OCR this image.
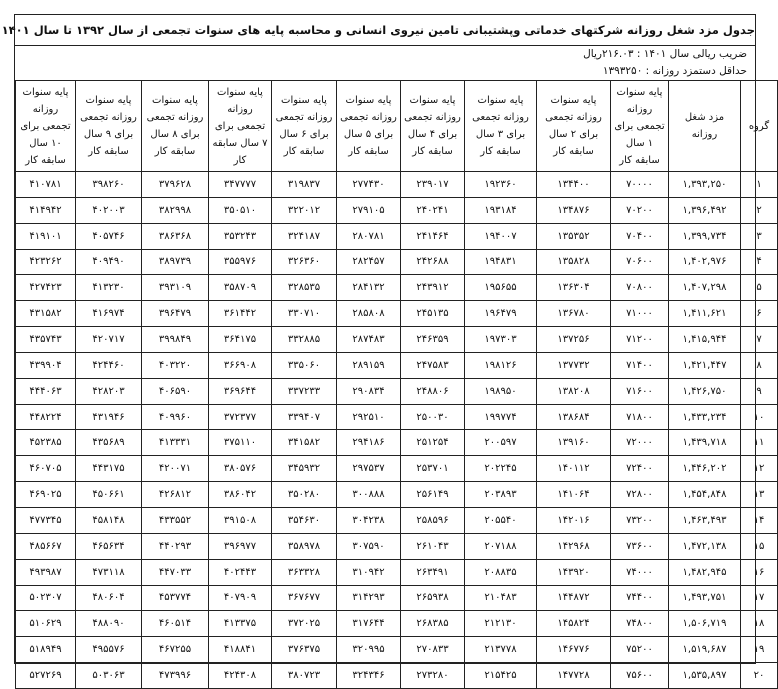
جدول مزد شغل روزانه شرکتهای خدماتی وپشتیبانی تامین نیروی انسانی و محاسبه پایه های سنوات تجمعی از سال ۱۳۹۲ تا سال ۱۴۰۱
ضریب ریالی سال ۱۴۰۱ : ۲۱۶.۰۳ریال
حداقل دستمزد روزانه : ۱۳۹۳۲۵۰
پایه سنوات روزانه تجمعی برای ۱۰ سال سابقه کار	پایه سنوات روزانه تجمعی برای ۹ سال سابقه کار	پایه سنوات روزانه تجمعی برای ۸ سال سابقه کار	پایه سنوات روزانه تجمعی برای ۷ سال سابقه کار	پایه سنوات روزانه تجمعی برای ۶ سال سابقه کار	پایه سنوات روزانه تجمعی برای ۵ سال سابقه کار	پایه سنوات روزانه تجمعی برای ۴ سال سابقه کار	پایه سنوات روزانه تجمعی برای ۳ سال سابقه کار	پایه سنوات روزانه تجمعی برای ۲ سال سابقه کار	پایه سنوات روزانه تجمعی برای ۱ سال سابقه کار	مزد شغل روزانه	گروه
۴۱۰۷۸۱	۳۹۸۲۶۰	۳۷۹۶۲۸	۳۴۷۷۷۷	۳۱۹۸۳۷	۲۷۷۴۳۰	۲۳۹۰۱۷	۱۹۲۳۶۰	۱۳۴۴۰۰	۷۰۰۰۰	۱,۳۹۳,۲۵۰	۱
۴۱۴۹۴۲	۴۰۲۰۰۳	۳۸۲۹۹۸	۳۵۰۵۱۰	۳۲۲۰۱۲	۲۷۹۱۰۵	۲۴۰۲۴۱	۱۹۳۱۸۴	۱۳۴۸۷۶	۷۰۲۰۰	۱,۳۹۶,۴۹۲	۲
۴۱۹۱۰۱	۴۰۵۷۴۶	۳۸۶۳۶۸	۳۵۳۲۴۳	۳۲۴۱۸۷	۲۸۰۷۸۱	۲۴۱۴۶۴	۱۹۴۰۰۷	۱۳۵۳۵۲	۷۰۴۰۰	۱,۳۹۹,۷۳۴	۳
۴۲۳۲۶۲	۴۰۹۴۹۰	۳۸۹۷۳۹	۳۵۵۹۷۶	۳۲۶۳۶۰	۲۸۲۴۵۷	۲۴۲۶۸۸	۱۹۴۸۳۱	۱۳۵۸۲۸	۷۰۶۰۰	۱,۴۰۲,۹۷۶	۴
۴۲۷۴۲۳	۴۱۳۲۳۰	۳۹۳۱۰۹	۳۵۸۷۰۹	۳۲۸۵۳۵	۲۸۴۱۳۲	۲۴۳۹۱۲	۱۹۵۶۵۵	۱۳۶۳۰۴	۷۰۸۰۰	۱,۴۰۷,۲۹۸	۵
۴۳۱۵۸۲	۴۱۶۹۷۴	۳۹۶۴۷۹	۳۶۱۴۴۲	۳۳۰۷۱۰	۲۸۵۸۰۸	۲۴۵۱۳۵	۱۹۶۴۷۹	۱۳۶۷۸۰	۷۱۰۰۰	۱,۴۱۱,۶۲۱	۶
۴۳۵۷۴۳	۴۲۰۷۱۷	۳۹۹۸۴۹	۳۶۴۱۷۵	۳۳۲۸۸۵	۲۸۷۴۸۳	۲۴۶۳۵۹	۱۹۷۳۰۳	۱۳۷۲۵۶	۷۱۲۰۰	۱,۴۱۵,۹۴۴	۷
۴۳۹۹۰۴	۴۲۴۴۶۰	۴۰۳۲۲۰	۳۶۶۹۰۸	۳۳۵۰۶۰	۲۸۹۱۵۹	۲۴۷۵۸۳	۱۹۸۱۲۶	۱۳۷۷۳۲	۷۱۴۰۰	۱,۴۲۱,۴۴۷	۸
۴۴۴۰۶۳	۴۲۸۲۰۳	۴۰۶۵۹۰	۳۶۹۶۴۴	۳۳۷۲۳۳	۲۹۰۸۳۴	۲۴۸۸۰۶	۱۹۸۹۵۰	۱۳۸۲۰۸	۷۱۶۰۰	۱,۴۲۶,۷۵۰	۹
۴۴۸۲۲۴	۴۳۱۹۴۶	۴۰۹۹۶۰	۳۷۲۳۷۷	۳۳۹۴۰۷	۲۹۲۵۱۰	۲۵۰۰۳۰	۱۹۹۷۷۴	۱۳۸۶۸۴	۷۱۸۰۰	۱,۴۳۳,۲۳۴	۱۰
۴۵۲۳۸۵	۴۳۵۶۸۹	۴۱۳۳۳۱	۳۷۵۱۱۰	۳۴۱۵۸۲	۲۹۴۱۸۶	۲۵۱۲۵۴	۲۰۰۵۹۷	۱۳۹۱۶۰	۷۲۰۰۰	۱,۴۳۹,۷۱۸	۱۱
۴۶۰۷۰۵	۴۴۳۱۷۵	۴۲۰۰۷۱	۳۸۰۵۷۶	۳۴۵۹۳۲	۲۹۷۵۳۷	۲۵۳۷۰۱	۲۰۲۲۴۵	۱۴۰۱۱۲	۷۲۴۰۰	۱,۴۴۶,۲۰۲	۱۲
۴۶۹۰۲۵	۴۵۰۶۶۱	۴۲۶۸۱۲	۳۸۶۰۴۲	۳۵۰۲۸۰	۳۰۰۸۸۸	۲۵۶۱۴۹	۲۰۳۸۹۳	۱۴۱۰۶۴	۷۲۸۰۰	۱,۴۵۴,۸۴۸	۱۳
۴۷۷۳۴۵	۴۵۸۱۴۸	۴۳۳۵۵۲	۳۹۱۵۰۸	۳۵۴۶۳۰	۳۰۴۲۳۸	۲۵۸۵۹۶	۲۰۵۵۴۰	۱۴۲۰۱۶	۷۳۲۰۰	۱,۴۶۳,۴۹۳	۱۴
۴۸۵۶۶۷	۴۶۵۶۳۴	۴۴۰۲۹۳	۳۹۶۹۷۷	۳۵۸۹۷۸	۳۰۷۵۹۰	۲۶۱۰۴۳	۲۰۷۱۸۸	۱۴۲۹۶۸	۷۳۶۰۰	۱,۴۷۲,۱۳۸	۱۵
۴۹۳۹۸۷	۴۷۳۱۱۸	۴۴۷۰۳۳	۴۰۲۴۴۳	۳۶۳۳۲۸	۳۱۰۹۴۲	۲۶۳۴۹۱	۲۰۸۸۳۵	۱۴۳۹۲۰	۷۴۰۰۰	۱,۴۸۲,۹۴۵	۱۶
۵۰۲۳۰۷	۴۸۰۶۰۴	۴۵۳۷۷۴	۴۰۷۹۰۹	۳۶۷۶۷۷	۳۱۴۲۹۳	۲۶۵۹۳۸	۲۱۰۴۸۳	۱۴۴۸۷۲	۷۴۴۰۰	۱,۴۹۳,۷۵۱	۱۷
۵۱۰۶۲۹	۴۸۸۰۹۰	۴۶۰۵۱۴	۴۱۳۳۷۵	۳۷۲۰۲۵	۳۱۷۶۴۴	۲۶۸۳۸۵	۲۱۲۱۳۰	۱۴۵۸۲۴	۷۴۸۰۰	۱,۵۰۶,۷۱۹	۱۸
۵۱۸۹۴۹	۴۹۵۵۷۶	۴۶۷۲۵۵	۴۱۸۸۴۱	۳۷۶۳۷۵	۳۲۰۹۹۵	۲۷۰۸۳۳	۲۱۳۷۷۸	۱۴۶۷۷۶	۷۵۲۰۰	۱,۵۱۹,۶۸۷	۱۹
۵۲۷۲۶۹	۵۰۳۰۶۳	۴۷۳۹۹۶	۴۲۴۳۰۸	۳۸۰۷۲۳	۳۲۴۳۴۶	۲۷۳۲۸۰	۲۱۵۴۲۵	۱۴۷۷۲۸	۷۵۶۰۰	۱,۵۳۵,۸۹۷	۲۰
